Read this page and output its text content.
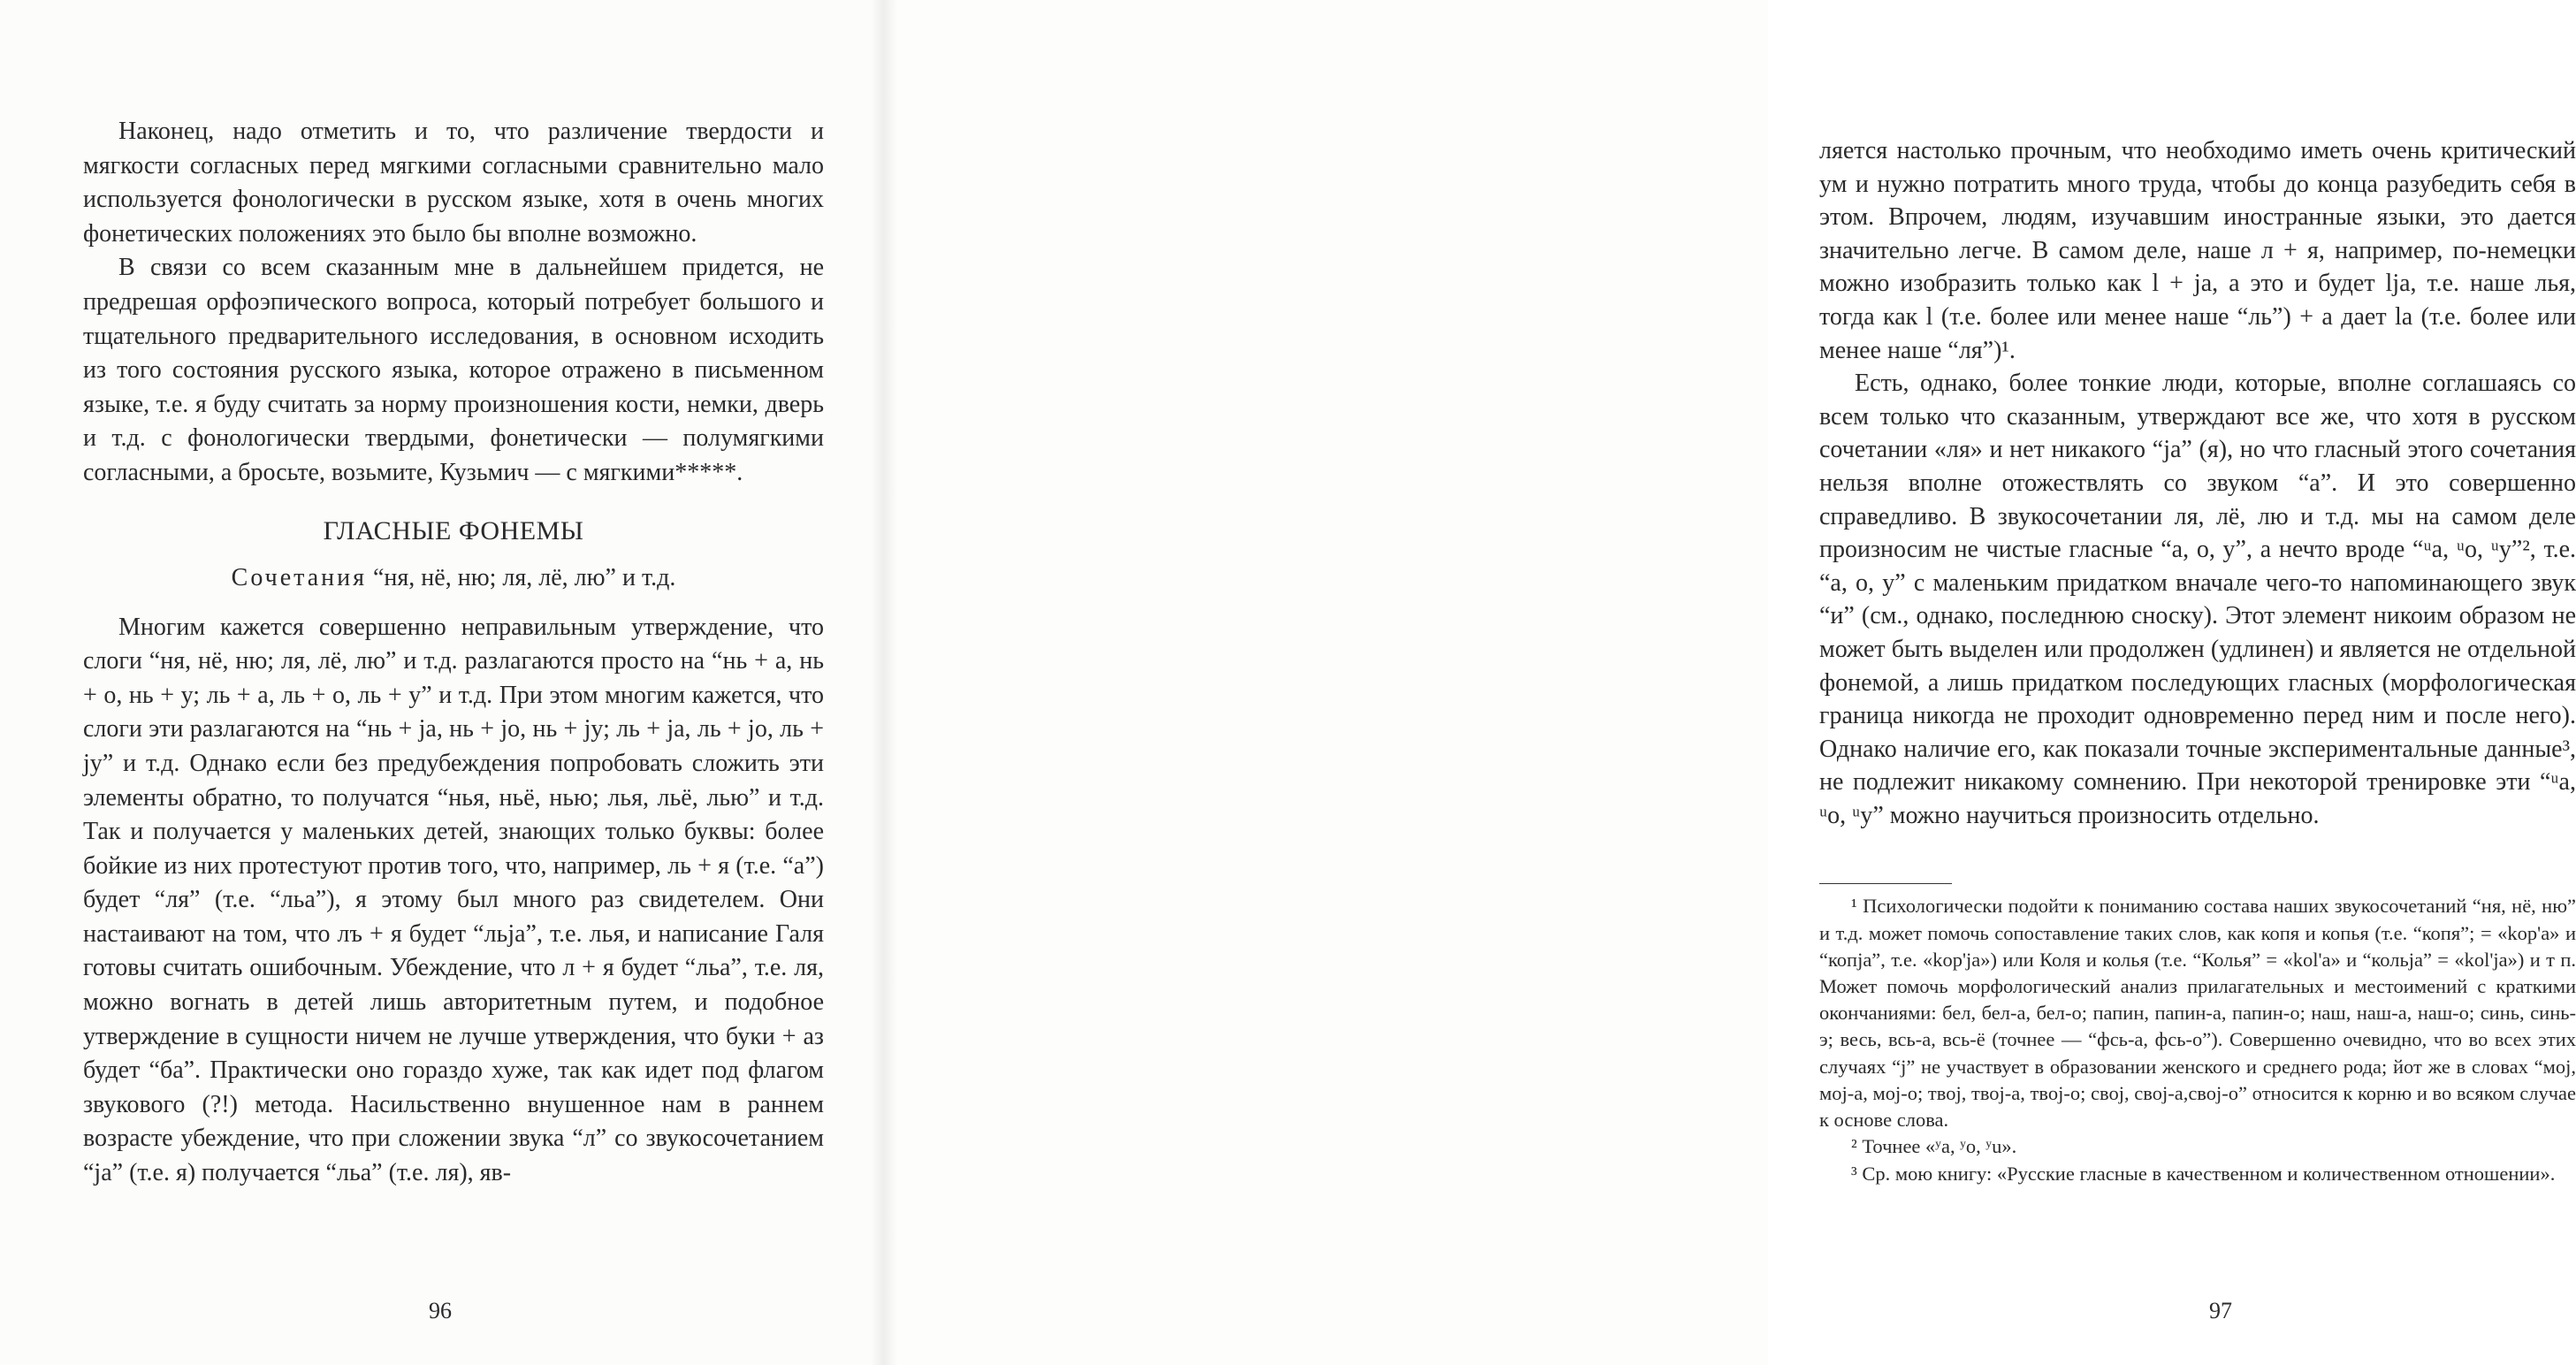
Наконец, надо отметить и то, что различение твердости и мягкости согласных перед мягкими согласными сравнительно мало используется фонологически в русском языке, хотя в очень многих фонетических положениях это было бы вполне возможно.

В связи со всем сказанным мне в дальнейшем придется, не предрешая орфоэпического вопроса, который потребует большого и тщательного предварительного исследования, в основном исходить из того состояния русского языка, которое отражено в письменном языке, т.е. я буду считать за норму произношения кости, немки, дверь и т.д. с фонологически твердыми, фонетически — полумягкими согласными, а бросьте, возьмите, Кузьмич — с мягкими*****.

ГЛАСНЫЕ ФОНЕМЫ
Сочетания “ня, нё, ню; ля, лё, лю” и т.д.

Многим кажется совершенно неправильным утверждение, что слоги “ня, нё, ню; ля, лё, лю” и т.д. разлагаются просто на “нь + а, нь + о, нь + у; ль + а, ль + о, ль + у” и т.д. При этом многим кажется, что слоги эти разлагаются на “нь + ja, нь + jo, нь + jу; ль + ja, ль + jo, ль + jу” и т.д. Однако если без предубеждения попробовать сложить эти элементы обратно, то получатся “нья, ньё, нью; лья, льё, лью” и т.д. Так и получается у маленьких детей, знающих только буквы: более бойкие из них протестуют против того, что, например, ль + я (т.е. “а”) будет “ля” (т.е. “льа”), я этому был много раз свидетелем. Они настаивают на том, что лъ + я будет “льjа”, т.е. лья, и написание Галя готовы считать ошибочным. Убеждение, что л + я будет “льа”, т.е. ля, можно вогнать в детей лишь авторитетным путем, и подобное утверждение в сущности ничем не лучше утверждения, что буки + аз будет “ба”. Практически оно гораздо хуже, так как идет под флагом звукового (?!) метода. Насильственно внушенное нам в раннем возрасте убеждение, что при сложении звука “л” со звукосочетанием “ja” (т.е. я) получается “льа” (т.е. ля), яв-

96

ляется настолько прочным, что необходимо иметь очень критический ум и нужно потратить много труда, чтобы до конца разубедить себя в этом. Впрочем, людям, изучавшим иностранные языки, это дается значительно легче. В самом деле, наше л + я, например, по-немецки можно изобразить только как l + ja, а это и будет lja, т.е. наше лья, тогда как l (т.е. более или менее наше “ль”) + а дает la (т.е. более или менее наше “ля”)¹.

Есть, однако, более тонкие люди, которые, вполне соглашаясь со всем только что сказанным, утверждают все же, что хотя в русском сочетании «ля» и нет никакого “ja” (я), но что гласный этого сочетания нельзя вполне отожествлять со звуком “а”. И это совершенно справедливо. В звукосочетании ля, лё, лю и т.д. мы на самом деле произносим не чистые гласные “а, о, у”, а нечто вроде “ᵘа, ᵘо, ᵘу”², т.е. “а, о, у” с маленьким придатком вначале чего-то напоминающего звук “и” (см., однако, последнюю сноску). Этот элемент никоим образом не может быть выделен или продолжен (удлинен) и является не отдельной фонемой, а лишь придатком последующих гласных (морфологическая граница никогда не проходит одновременно перед ним и после него). Однако наличие его, как показали точные экспериментальные данные³, не подлежит никакому сомнению. При некоторой тренировке эти “ᵘа, ᵘо, ᵘу” можно научиться произносить отдельно.

¹ Психологически подойти к пониманию состава наших звукосочетаний “ня, нё, ню” и т.д. может помочь сопоставление таких слов, как копя и копья (т.е. “копя”; = «kop'a» и “копjа”, т.е. «kop'ja») или Коля и колья (т.е. “Колья” = «kol'a» и “кольjа” = «kol'ja») и т п. Может помочь морфологический анализ прилагательных и местоимений с краткими окончаниями: бел, бел-а, бел-о; папин, папин-а, папин-о; наш, наш-а, наш-о; синь, синь-э; весь, всь-а, всь-ё (точнее — “фсь-а, фсь-о”). Совершенно очевидно, что во всех этих случаях “j” не участвует в образовании женского и среднего рода; йот же в словах “моj, моj-а, моj-о; твоj, твоj-а, твоj-о; своj, своj-а,своj-о” относится к корню и во всяком случае к основе слова.

² Точнее «ʸа, ʸо, ʸu».

³ Ср. мою книгу: «Русские гласные в качественном и количественном отношении».

97
